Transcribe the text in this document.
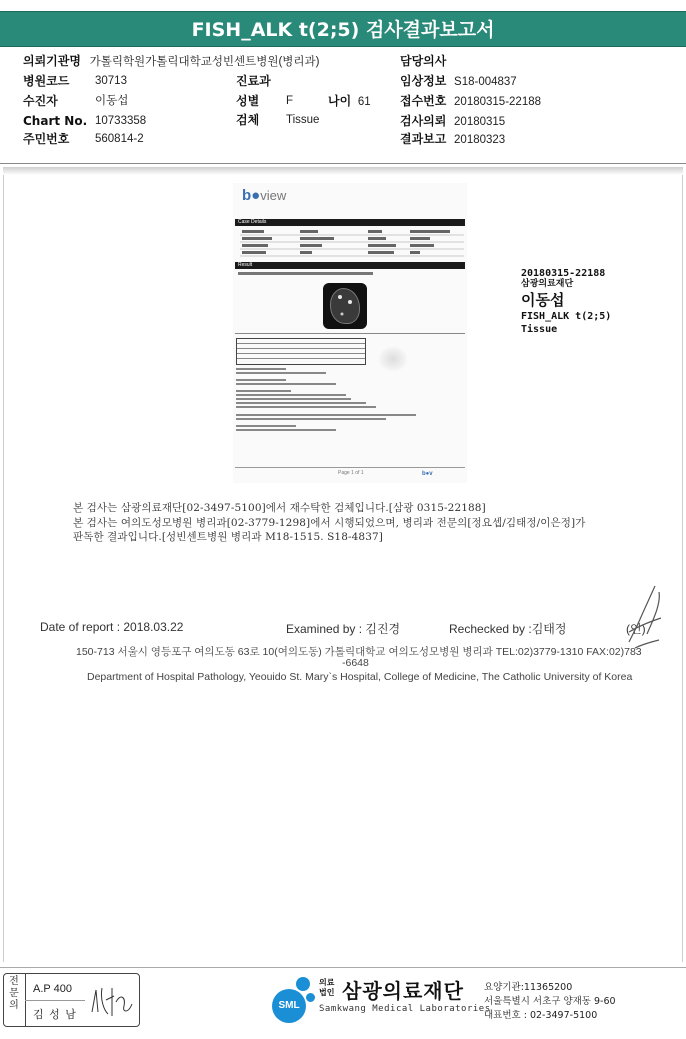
FISH_ALK t(2;5) 검사결과보고서
의뢰기관명 가톨릭학원가톨릭대학교성빈센트병원(병리과)	담당의사
병원코드 30713	진료과	임상정보 S18-004837
수진자	이동섭	성별 F	나이 61 접수번호 20180315-22188
Chart No. 10733358	검체 Tissue	검사의뢰 20180315
주민번호 560814-2	결과보고 20180323
b●view
Case Details
Result
Page 1 of 1	b●v
20180315-22188
삼광의료재단
이동섭
FISH_ALK t(2;5)
Tissue
본 검사는 삼광의료재단[02-3497-5100]에서 재수탁한 검체입니다.[삼광 0315-22188]
본 검사는 여의도성모병원 병리과[02-3779-1298]에서 시행되었으며, 병리과 전문의[정요셉/김태정/이은정]가
판독한 결과입니다.[성빈센트병원 병리과 M18-1515. S18-4837]
Date of report : 2018.03.22	Examined by : 김진경	Rechecked by :김태정	(인)
150-713 서울시 영등포구 여의도동 63로 10(여의도동) 가톨릭대학교 여의도성모병원 병리과 TEL:02)3779-1310 FAX:02)783
-6648
Department of Hospital Pathology, Yeouido St. Mary`s Hospital, College of Medicine, The Catholic University of Korea
전문의
A.P 400
김 성 남
SML
의료
법인 삼광의료재단
Samkwang Medical Laboratories
요양기관:11365200
서울특별시 서초구 양재동 9-60
대표번호 : 02-3497-5100
